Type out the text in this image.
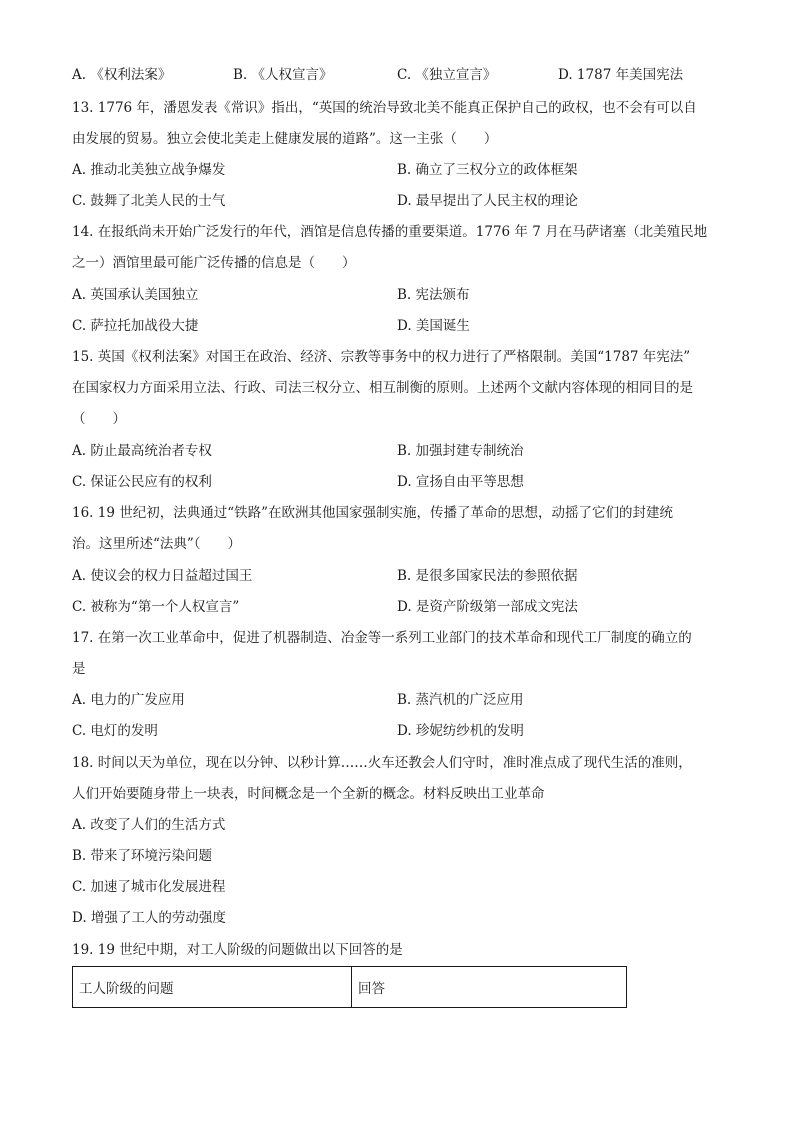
A. 《权利法案》	B. 《人权宣言》	C. 《独立宣言》	D. 1787 年美国宪法
13. 1776 年，潘恩发表《常识》指出，“英国的统治导致北美不能真正保护自己的政权，也不会有可以自
由发展的贸易。独立会使北美走上健康发展的道路”。这一主张（　　）
A. 推动北美独立战争爆发	B. 确立了三权分立的政体框架
C. 鼓舞了北美人民的士气	D. 最早提出了人民主权的理论
14. 在报纸尚未开始广泛发行的年代，酒馆是信息传播的重要渠道。1776 年 7 月在马萨诸塞（北美殖民地
之一）酒馆里最可能广泛传播的信息是（　　）
A. 英国承认美国独立	B. 宪法颁布
C. 萨拉托加战役大捷	D. 美国诞生
15. 英国《权利法案》对国王在政治、经济、宗教等事务中的权力进行了严格限制。美国“1787 年宪法”
在国家权力方面采用立法、行政、司法三权分立、相互制衡的原则。上述两个文献内容体现的相同目的是
（　　）
A. 防止最高统治者专权	B. 加强封建专制统治
C. 保证公民应有的权利	D. 宣扬自由平等思想
16. 19 世纪初，法典通过“铁路”在欧洲其他国家强制实施，传播了革命的思想，动摇了它们的封建统
治。这里所述“法典”（　　）
A. 使议会的权力日益超过国王	B. 是很多国家民法的参照依据
C. 被称为“第一个人权宣言”	D. 是资产阶级第一部成文宪法
17. 在第一次工业革命中，促进了机器制造、冶金等一系列工业部门的技术革命和现代工厂制度的确立的
是
A. 电力的广发应用	B. 蒸汽机的广泛应用
C. 电灯的发明	D. 珍妮纺纱机的发明
18. 时间以天为单位，现在以分钟、以秒计算……火车还教会人们守时，准时准点成了现代生活的准则，
人们开始要随身带上一块表，时间概念是一个全新的概念。材料反映出工业革命
A. 改变了人们的生活方式
B. 带来了环境污染问题
C. 加速了城市化发展进程
D. 增强了工人的劳动强度
19. 19 世纪中期，对工人阶级的问题做出以下回答的是
工人阶级的问题	回答
